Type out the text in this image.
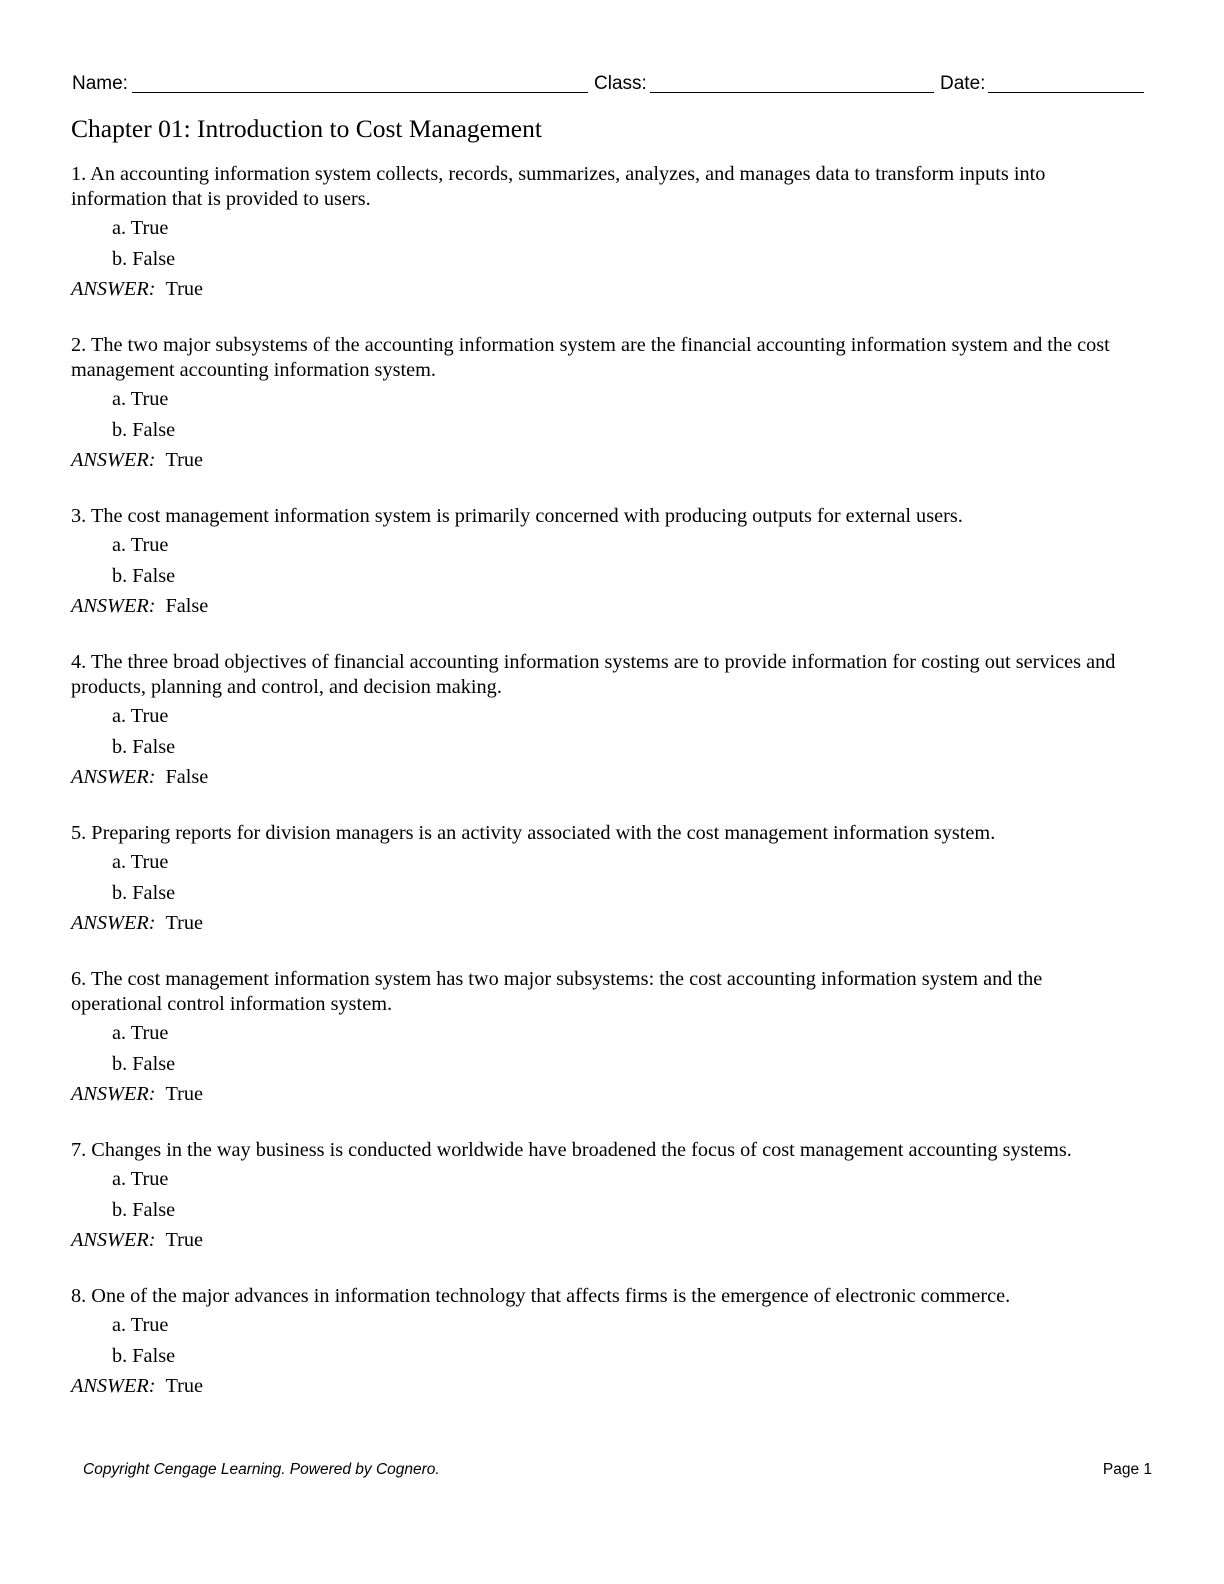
Name:	Class:	Date:
Chapter 01: Introduction to Cost Management

1. An accounting information system collects, records, summarizes, analyzes, and manages data to transform inputs into information that is provided to users.

a. True
b. False
ANSWER: True

2. The two major subsystems of the accounting information system are the financial accounting information system and the cost management accounting information system.

a. True
b. False
ANSWER: True

3. The cost management information system is primarily concerned with producing outputs for external users.

a. True
b. False
ANSWER: False

4. The three broad objectives of financial accounting information systems are to provide information for costing out services and products, planning and control, and decision making.

a. True
b. False
ANSWER: False

5. Preparing reports for division managers is an activity associated with the cost management information system.

a. True
b. False
ANSWER: True

6. The cost management information system has two major subsystems: the cost accounting information system and the operational control information system.

a. True
b. False
ANSWER: True

7. Changes in the way business is conducted worldwide have broadened the focus of cost management accounting systems.

a. True
b. False
ANSWER: True

8. One of the major advances in information technology that affects firms is the emergence of electronic commerce.

a. True
b. False
ANSWER: True
Copyright Cengage Learning. Powered by Cognero.	Page 1
